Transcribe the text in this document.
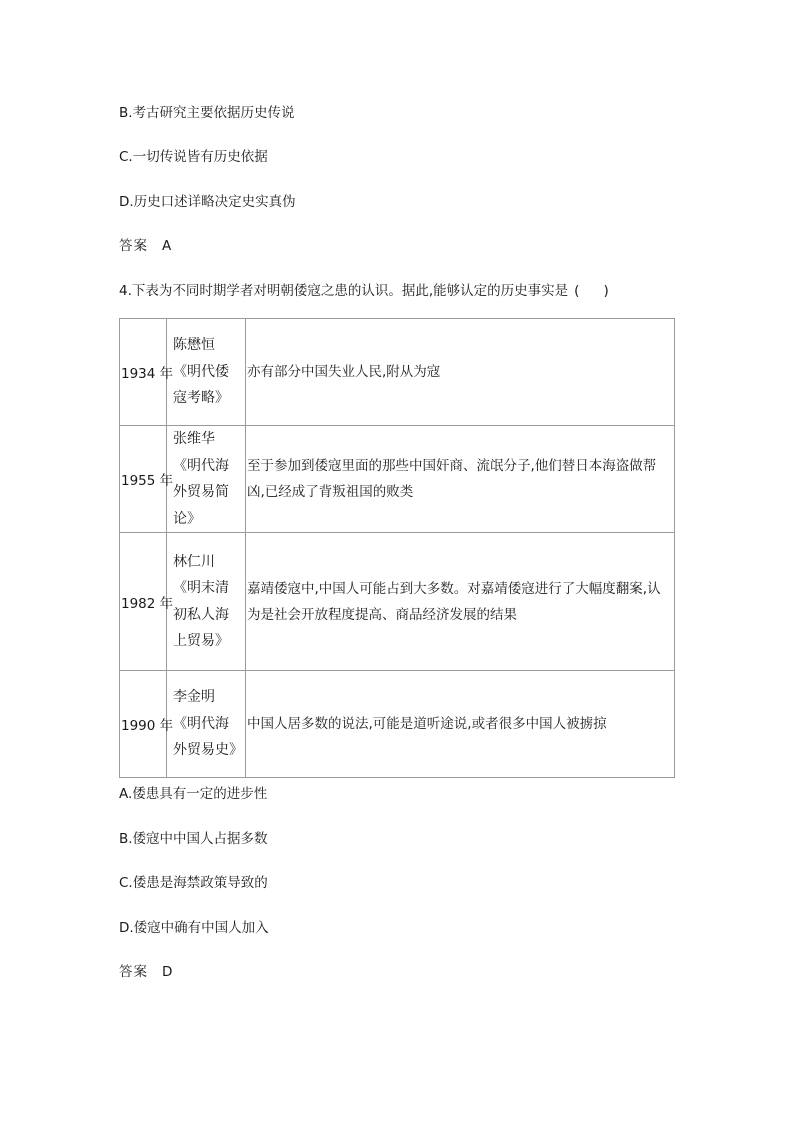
B.考古研究主要依据历史传说
C.一切传说皆有历史依据
D.历史口述详略决定史实真伪
答案 A
4.下表为不同时期学者对明朝倭寇之患的认识。据此,能够认定的历史事实是 ( )
1934 年	陈懋恒《明代倭寇考略》	亦有部分中国失业人民,附从为寇
1955 年	张维华《明代海外贸易简论》	至于参加到倭寇里面的那些中国奸商、流氓分子,他们替日本海盗做帮凶,已经成了背叛祖国的败类
1982 年	林仁川《明末清初私人海上贸易》	嘉靖倭寇中,中国人可能占到大多数。对嘉靖倭寇进行了大幅度翻案,认为是社会开放程度提高、商品经济发展的结果
1990 年	李金明《明代海外贸易史》	中国人居多数的说法,可能是道听途说,或者很多中国人被掳掠
A.倭患具有一定的进步性
B.倭寇中中国人占据多数
C.倭患是海禁政策导致的
D.倭寇中确有中国人加入
答案 D
